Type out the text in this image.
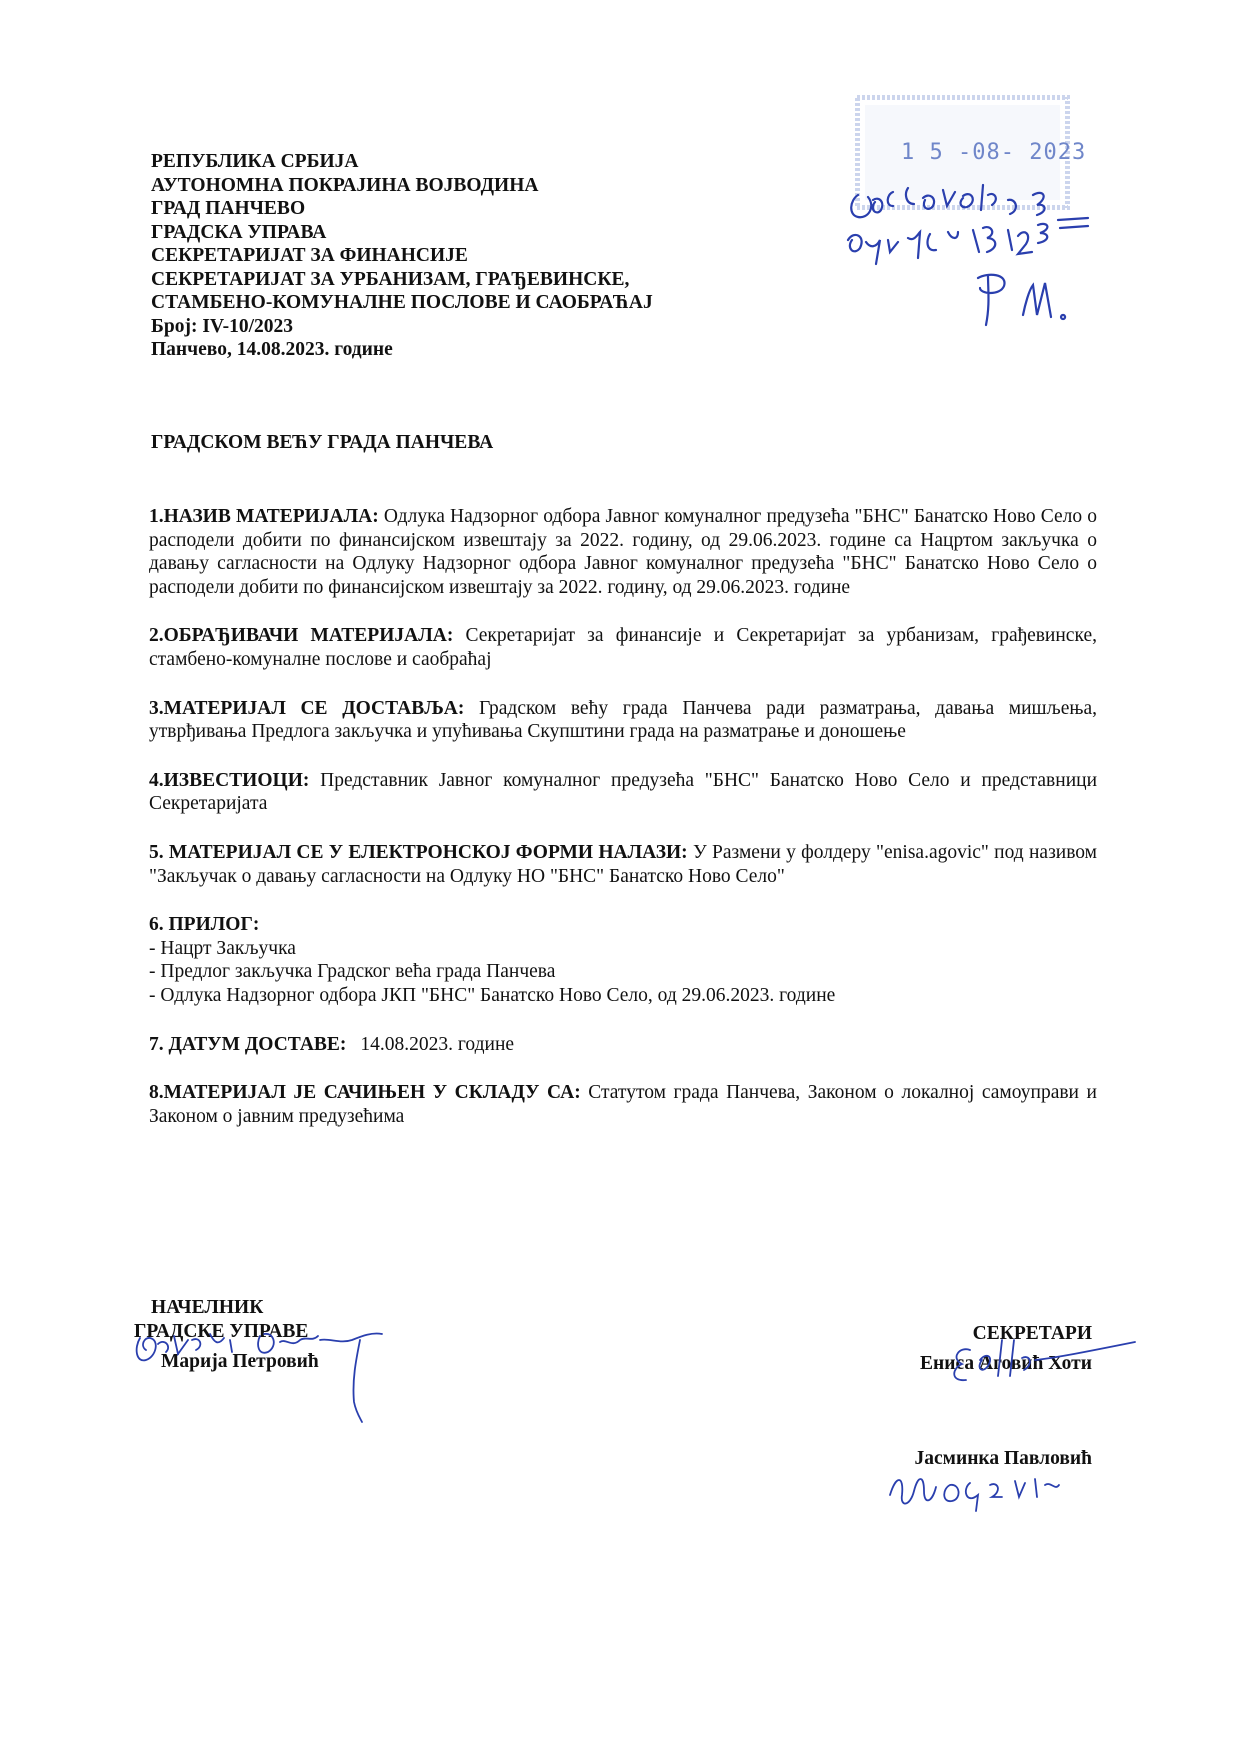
1 5 -08- 2023
РЕПУБЛИКА СРБИЈА
АУТОНОМНА ПОКРАЈИНА ВОЈВОДИНА
ГРАД ПАНЧЕВО
ГРАДСКА УПРАВА
СЕКРЕТАРИЈАТ ЗА ФИНАНСИЈЕ
СЕКРЕТАРИЈАТ ЗА УРБАНИЗАМ, ГРАЂЕВИНСКЕ,
СТАМБЕНО-КОМУНАЛНЕ ПОСЛОВЕ И САОБРАЋАЈ
Број: IV-10/2023
Панчево, 14.08.2023. године
ГРАДСКОМ ВЕЋУ ГРАДА ПАНЧЕВА

1.НАЗИВ МАТЕРИЈАЛА: Одлука Надзорног одбора Јавног комуналног предузећа "БНС" Банатско Ново Село о расподели добити по финансијском извештају за 2022. годину, од 29.06.2023. године са Нацртом закључка о давању сагласности на Одлуку Надзорног одбора Јавног комуналног предузећа "БНС" Банатско Ново Село о расподели добити по финансијском извештају за 2022. годину, од 29.06.2023. године

2.ОБРАЂИВАЧИ МАТЕРИЈАЛА: Секретаријат за финансије и Секретаријат за урбанизам, грађевинске, стамбено-комуналне послове и саобраћај

3.МАТЕРИЈАЛ СЕ ДОСТАВЉА: Градском већу града Панчева ради разматрања, давања мишљења, утврђивања Предлога закључка и упућивања Скупштини града на разматрање и доношење

4.ИЗВЕСТИОЦИ: Представник Јавног комуналног предузећа "БНС" Банатско Ново Село и представници Секретаријата

5. МАТЕРИЈАЛ СЕ У ЕЛЕКТРОНСКОЈ ФОРМИ НАЛАЗИ: У Размени у фолдеру "enisa.agovic" под називом "Закључак о давању сагласности на Одлуку НО "БНС" Банатско Ново Село"

6. ПРИЛОГ:
- Нацрт Закључка
- Предлог закључка Градског већа града Панчева
- Одлука Надзорног одбора ЈКП "БНС" Банатско Ново Село, од 29.06.2023. године

7. ДАТУМ ДОСТАВЕ: 14.08.2023. године

8.МАТЕРИЈАЛ ЈЕ САЧИЊЕН У СКЛАДУ СА: Статутом града Панчева, Законом о локалној самоуправи и Законом о јавним предузећима

НАЧЕЛНИК
ГРАДСКЕ УПРАВЕ
Марија Петровић
СЕКРЕТАРИ
Ениса Аговић Хоти
Јасминка Павловић
